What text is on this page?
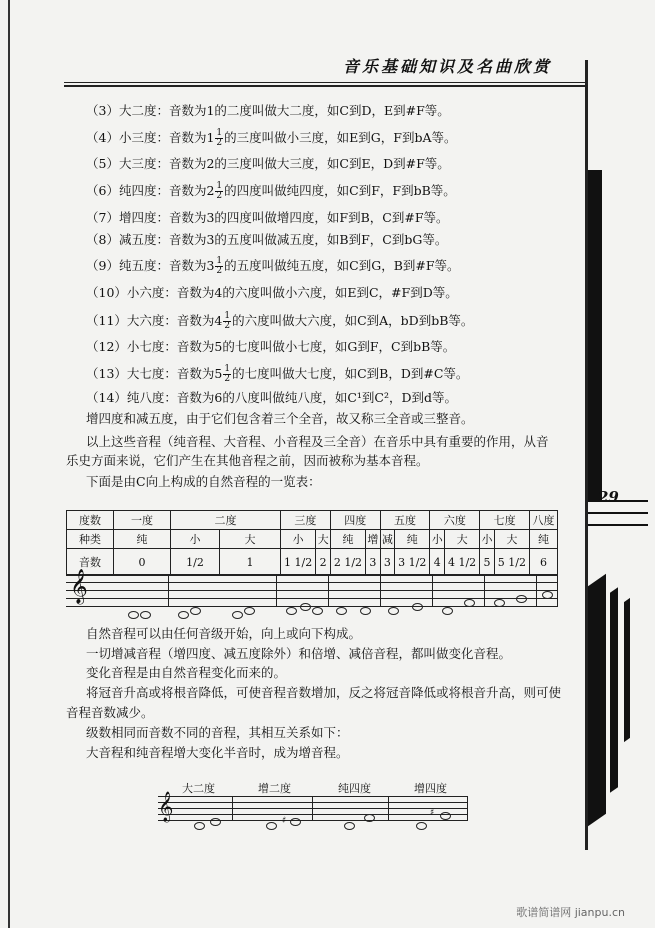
音乐基础知识及名曲欣赏
29
（3）大二度：音数为1的二度叫做大二度，如C到D，E到#F等。
（4）小三度：音数为$1 \frac{1}{2}$ 的三度叫做小三度，如E到G，F到bA等。
（5）大三度：音数为2的三度叫做大三度，如C到E，D到#F等。
（6）纯四度：音数为$2 \frac{1}{2}$ 的四度叫做纯四度，如C到F，F到bB等。
（7）增四度：音数为3的四度叫做增四度，如F到B，C到#F等。
（8）减五度：音数为3的五度叫做减五度，如B到F，C到bG等。
（9）纯五度：音数为$3 \frac{1}{2}$ 的五度叫做纯五度，如C到G，B到#F等。
（10）小六度：音数为4的六度叫做小六度，如E到C，#F到D等。
（11）大六度：音数为$4 \frac{1}{2}$ 的六度叫做大六度，如C到A，bD到bB等。
（12）小七度：音数为5的七度叫做小七度，如G到F，C到bB等。
（13）大七度：音数为$5 \frac{1}{2}$ 的七度叫做大七度，如C到B，D到#C等。
（14）纯八度：音数为6的八度叫做纯八度，如C¹到C²，D到d等。
增四度和减五度，由于它们包含着三个全音，故又称三全音或三整音。
以上这些音程（纯音程、大音程、小音程及三全音）在音乐中具有重要的作用，从音
乐史方面来说，它们产生在其他音程之前，因而被称为基本音程。
下面是由C向上构成的自然音程的一览表：
度数	一度	二度		三度		四度		五度		六度		七度		八度
种类	纯	小	大	小	大	纯	增	减	纯	小	大	小	大	纯
音数	0	1/2	1	1 1/2	2	2 1/2	3	3	3 1/2	4	4 1/2	5	5 1/2	6
𝄞
自然音程可以由任何音级开始，向上或向下构成。
一切增减音程（增四度、减五度除外）和倍增、减倍音程，都叫做变化音程。
变化音程是由自然音程变化而来的。
将冠音升高或将根音降低，可使音程音数增加，反之将冠音降低或将根音升高，则可使
音程音数减少。
级数相同而音数不同的音程，其相互关系如下：
大音程和纯音程增大变化半音时，成为增音程。
大二度	增二度	纯四度	增四度
𝄞	♯
♯
歌谱简谱网 jianpu.cn
